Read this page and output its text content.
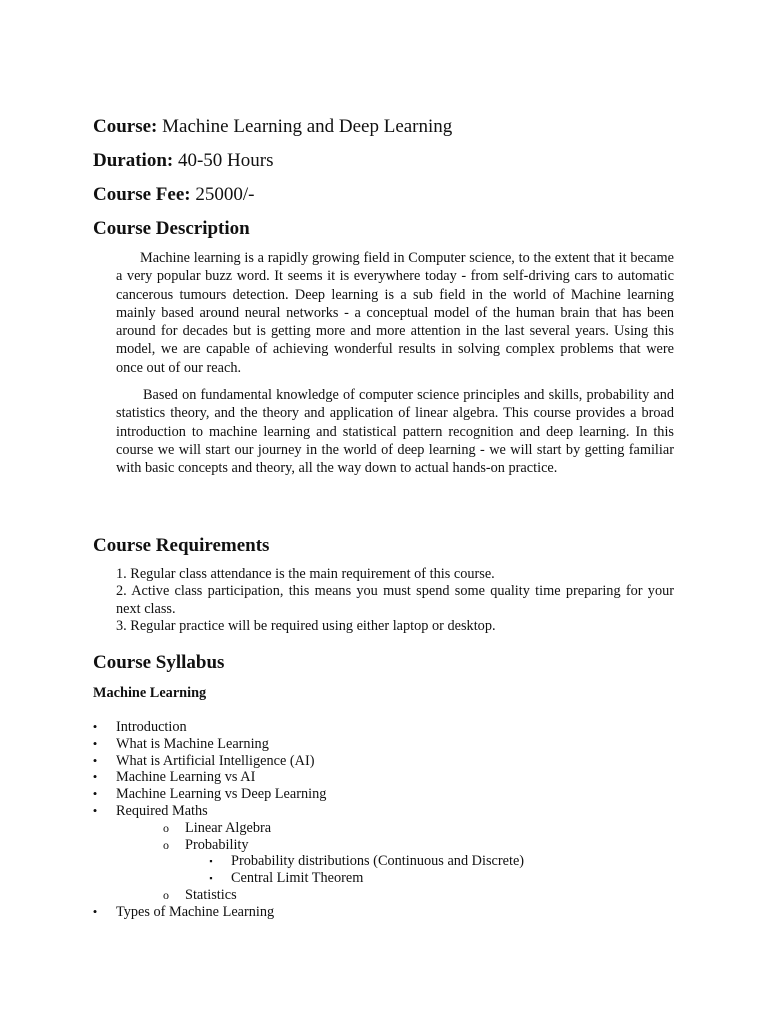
Course: Machine Learning and Deep Learning
Duration: 40-50 Hours
Course Fee: 25000/-
Course Description

Machine learning is a rapidly growing field in Computer science, to the extent that it became a very popular buzz word. It seems it is everywhere today - from self-driving cars to automatic cancerous tumours detection. Deep learning is a sub field in the world of Machine learning mainly based around neural networks - a conceptual model of the human brain that has been around for decades but is getting more and more attention in the last several years. Using this model, we are capable of achieving wonderful results in solving complex problems that were once out of our reach.

Based on fundamental knowledge of computer science principles and skills, probability and statistics theory, and the theory and application of linear algebra. This course provides a broad introduction to machine learning and statistical pattern recognition and deep learning. In this course we will start our journey in the world of deep learning - we will start by getting familiar with basic concepts and theory, all the way down to actual hands-on practice.

Course Requirements

1. Regular class attendance is the main requirement of this course.

2. Active class participation, this means you must spend some quality time preparing for your next class.

3. Regular practice will be required using either laptop or desktop.

Course Syllabus
Machine Learning
• Introduction
• What is Machine Learning
• What is Artificial Intelligence (AI)
• Machine Learning vs AI
• Machine Learning vs Deep Learning
• Required Maths
o Linear Algebra
o Probability
▪ Probability distributions (Continuous and Discrete)
▪ Central Limit Theorem
o Statistics
• Types of Machine Learning
